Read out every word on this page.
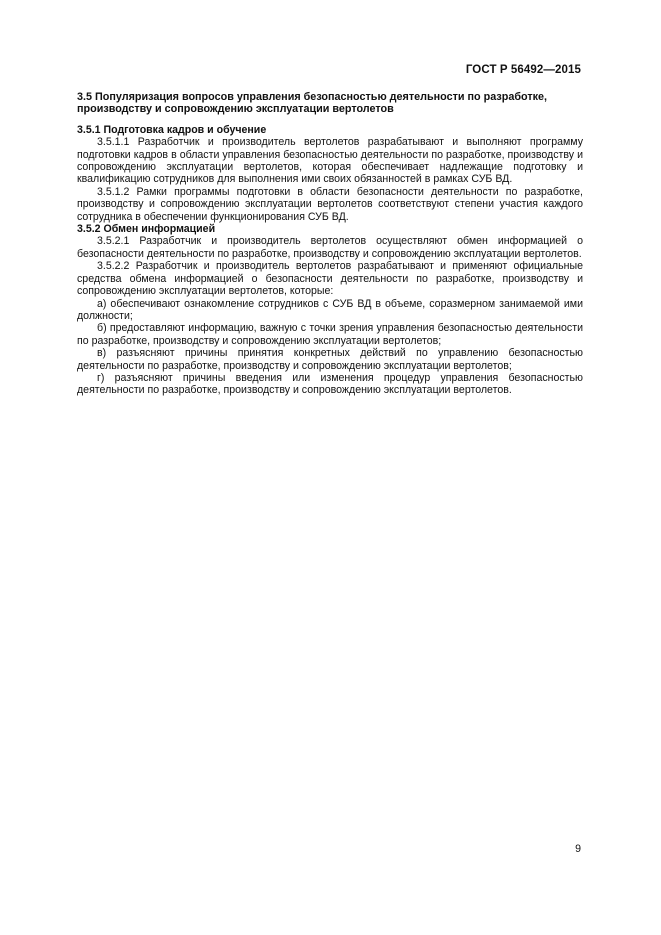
ГОСТ Р 56492—2015
3.5 Популяризация вопросов управления безопасностью деятельности по разработке, производству и сопровождению эксплуатации вертолетов
3.5.1 Подготовка кадров и обучение

3.5.1.1 Разработчик и производитель вертолетов разрабатывают и выполняют программу подготовки кадров в области управления безопасностью деятельности по разработке, производству и сопровождению эксплуатации вертолетов, которая обеспечивает надлежащие подготовку и квалификацию сотрудников для выполнения ими своих обязанностей в рамках СУБ ВД.

3.5.1.2 Рамки программы подготовки в области безопасности деятельности по разработке, производству и сопровождению эксплуатации вертолетов соответствуют степени участия каждого сотрудника в обеспечении функционирования СУБ ВД.

3.5.2 Обмен информацией

3.5.2.1 Разработчик и производитель вертолетов осуществляют обмен информацией о безопасности деятельности по разработке, производству и сопровождению эксплуатации вертолетов.

3.5.2.2 Разработчик и производитель вертолетов разрабатывают и применяют официальные средства обмена информацией о безопасности деятельности по разработке, производству и сопровождению эксплуатации вертолетов, которые:

а) обеспечивают ознакомление сотрудников с СУБ ВД в объеме, соразмерном занимаемой ими должности;

б) предоставляют информацию, важную с точки зрения управления безопасностью деятельности по разработке, производству и сопровождению эксплуатации вертолетов;

в) разъясняют причины принятия конкретных действий по управлению безопасностью деятельности по разработке, производству и сопровождению эксплуатации вертолетов;

г) разъясняют причины введения или изменения процедур управления безопасностью деятельности по разработке, производству и сопровождению эксплуатации вертолетов.

9
